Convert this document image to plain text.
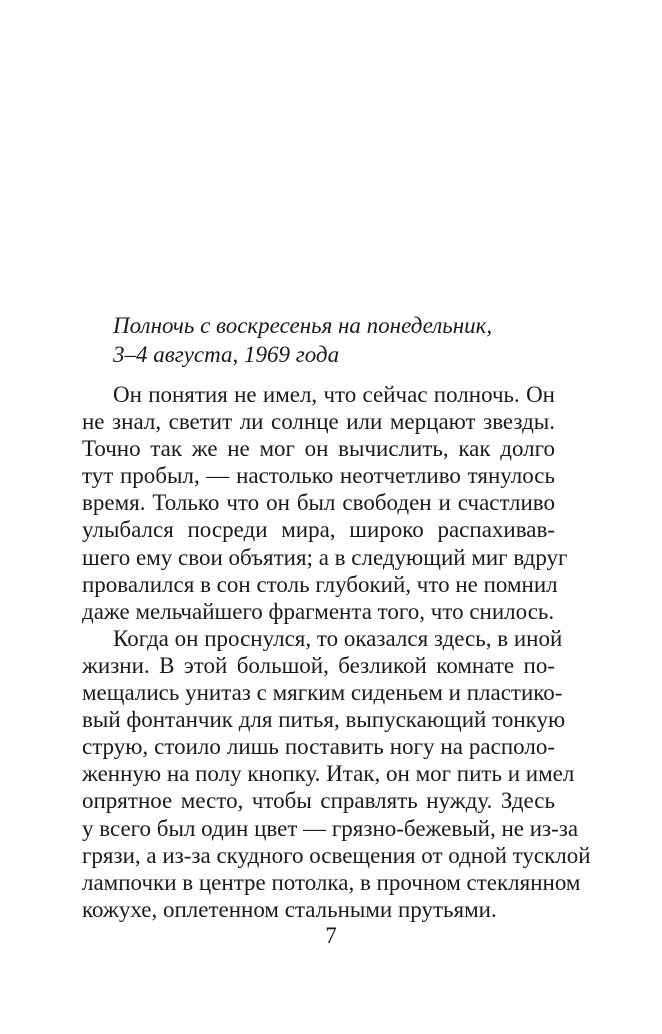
Полночь с воскресенья на понедельник,
3–4 августа, 1969 года
Он понятия не имел, что сейчас полночь. Он
не знал, светит ли солнце или мерцают звезды.
Точно так же не мог он вычислить, как долго
тут пробыл, — настолько неотчетливо тянулось
время. Только что он был свободен и счастливо
улыбался посреди мира, широко распахивав-
шего ему свои объятия; а в следующий миг вдруг
провалился в сон столь глубокий, что не помнил
даже мельчайшего фрагмента того, что снилось.
Когда он проснулся, то оказался здесь, в иной
жизни. В этой большой, безликой комнате по-
мещались унитаз с мягким сиденьем и пластико-
вый фонтанчик для питья, выпускающий тонкую
струю, стоило лишь поставить ногу на располо-
женную на полу кнопку. Итак, он мог пить и имел
опрятное место, чтобы справлять нужду. Здесь
у всего был один цвет — грязно-бежевый, не из-за
грязи, а из-за скудного освещения от одной тусклой
лампочки в центре потолка, в прочном стеклянном
кожухе, оплетенном стальными прутьями.
7
